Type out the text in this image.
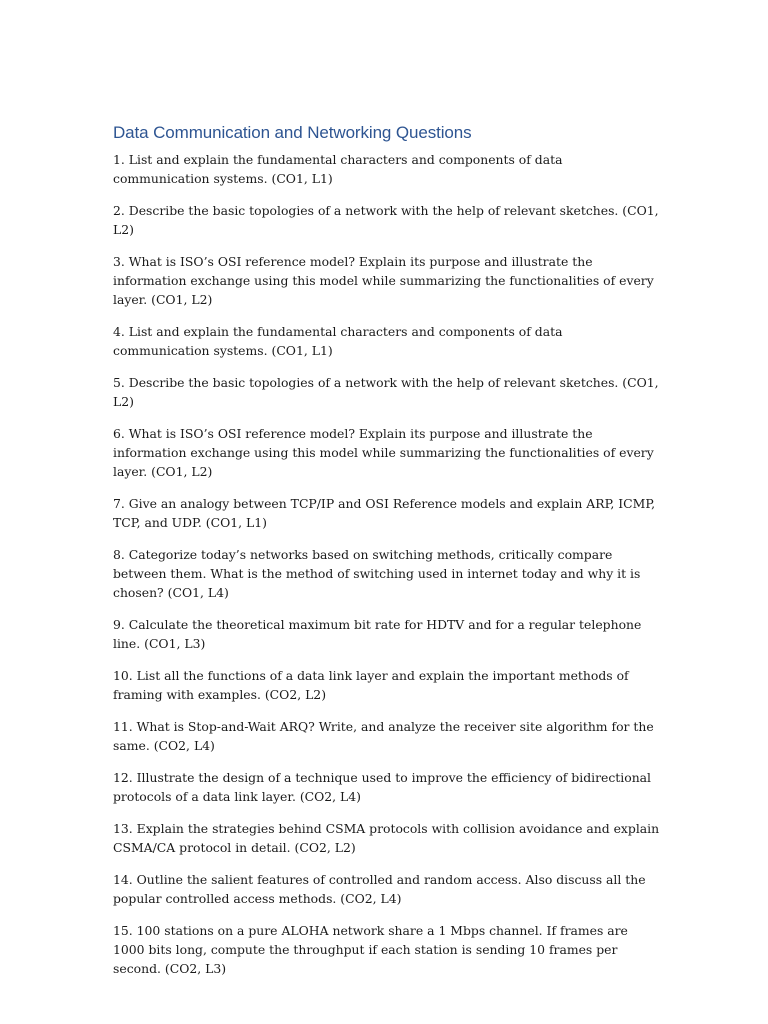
Data Communication and Networking Questions
1. List and explain the fundamental characters and components of data communication systems. (CO1, L1)
2. Describe the basic topologies of a network with the help of relevant sketches. (CO1, L2)
3. What is ISO’s OSI reference model? Explain its purpose and illustrate the information exchange using this model while summarizing the functionalities of every layer. (CO1, L2)
4. List and explain the fundamental characters and components of data communication systems. (CO1, L1)
5. Describe the basic topologies of a network with the help of relevant sketches. (CO1, L2)
6. What is ISO’s OSI reference model? Explain its purpose and illustrate the information exchange using this model while summarizing the functionalities of every layer. (CO1, L2)
7. Give an analogy between TCP/IP and OSI Reference models and explain ARP, ICMP, TCP, and UDP. (CO1, L1)
8. Categorize today’s networks based on switching methods, critically compare between them. What is the method of switching used in internet today and why it is chosen? (CO1, L4)
9. Calculate the theoretical maximum bit rate for HDTV and for a regular telephone line. (CO1, L3)
10. List all the functions of a data link layer and explain the important methods of framing with examples. (CO2, L2)
11. What is Stop-and-Wait ARQ? Write, and analyze the receiver site algorithm for the same. (CO2, L4)
12. Illustrate the design of a technique used to improve the efficiency of bidirectional protocols of a data link layer. (CO2, L4)
13. Explain the strategies behind CSMA protocols with collision avoidance and explain CSMA/CA protocol in detail. (CO2, L2)
14. Outline the salient features of controlled and random access. Also discuss all the popular controlled access methods. (CO2, L4)
15. 100 stations on a pure ALOHA network share a 1 Mbps channel. If frames are 1000 bits long, compute the throughput if each station is sending 10 frames per second. (CO2, L3)
